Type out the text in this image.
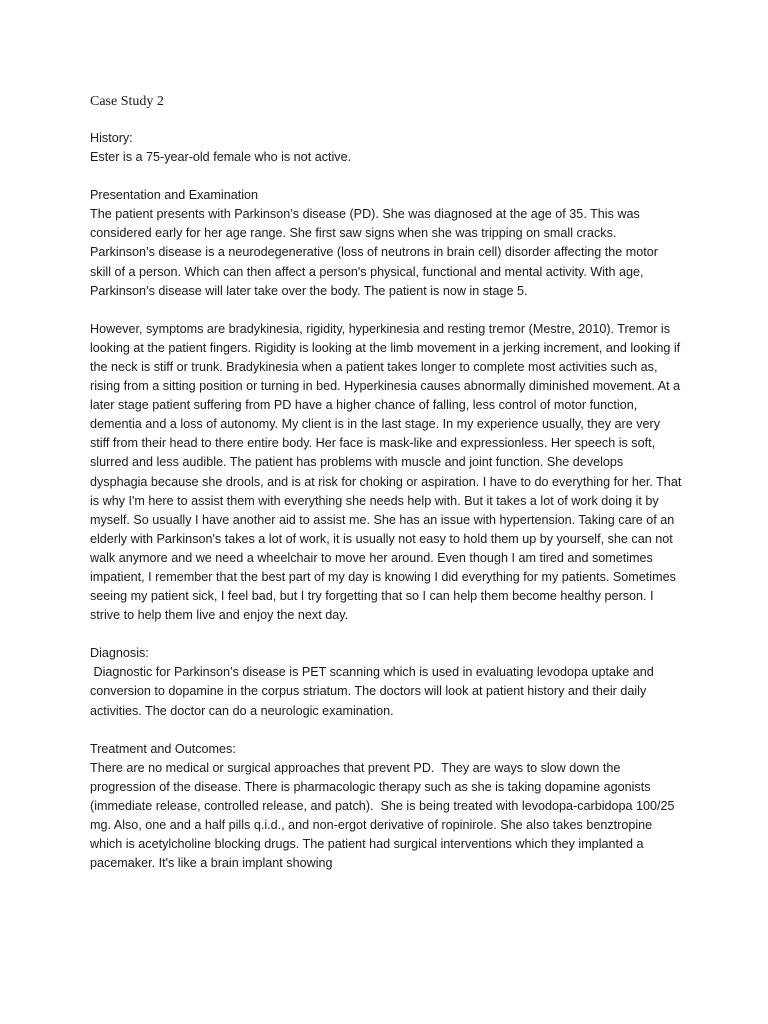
Case Study 2
History:
Ester is a 75-year-old female who is not active.
Presentation and Examination
The patient presents with Parkinson’s disease (PD). She was diagnosed at the age of 35. This was considered early for her age range. She first saw signs when she was tripping on small cracks. Parkinson’s disease is a neurodegenerative (loss of neutrons in brain cell) disorder affecting the motor skill of a person. Which can then affect a person's physical, functional and mental activity. With age, Parkinson’s disease will later take over the body. The patient is now in stage 5.
However, symptoms are bradykinesia, rigidity, hyperkinesia and resting tremor (Mestre, 2010). Tremor is looking at the patient fingers. Rigidity is looking at the limb movement in a jerking increment, and looking if the neck is stiff or trunk. Bradykinesia when a patient takes longer to complete most activities such as, rising from a sitting position or turning in bed. Hyperkinesia causes abnormally diminished movement. At a later stage patient suffering from PD have a higher chance of falling, less control of motor function, dementia and a loss of autonomy. My client is in the last stage. In my experience usually, they are very stiff from their head to there entire body. Her face is mask-like and expressionless. Her speech is soft, slurred and less audible. The patient has problems with muscle and joint function. She develops dysphagia because she drools, and is at risk for choking or aspiration. I have to do everything for her. That is why I'm here to assist them with everything she needs help with. But it takes a lot of work doing it by myself. So usually I have another aid to assist me. She has an issue with hypertension. Taking care of an elderly with Parkinson's takes a lot of work, it is usually not easy to hold them up by yourself, she can not walk anymore and we need a wheelchair to move her around. Even though I am tired and sometimes impatient, I remember that the best part of my day is knowing I did everything for my patients. Sometimes seeing my patient sick, I feel bad, but I try forgetting that so I can help them become healthy person. I strive to help them live and enjoy the next day.
Diagnosis:
Diagnostic for Parkinson’s disease is PET scanning which is used in evaluating levodopa uptake and conversion to dopamine in the corpus striatum. The doctors will look at patient history and their daily activities. The doctor can do a neurologic examination.
Treatment and Outcomes:
There are no medical or surgical approaches that prevent PD.  They are ways to slow down the progression of the disease. There is pharmacologic therapy such as she is taking dopamine agonists (immediate release, controlled release, and patch).  She is being treated with levodopa-carbidopa 100/25 mg. Also, one and a half pills q.i.d., and non-ergot derivative of ropinirole. She also takes benztropine which is acetylcholine blocking drugs. The patient had surgical interventions which they implanted a pacemaker. It's like a brain implant showing
